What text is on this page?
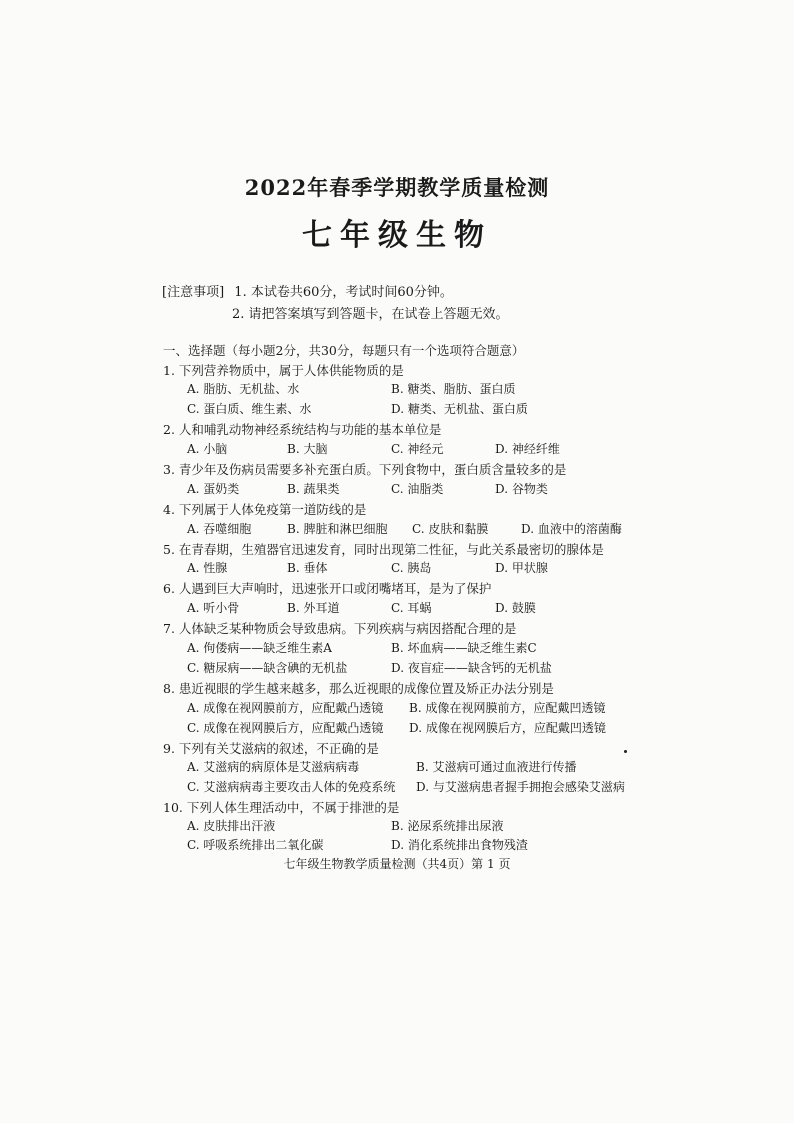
2022年春季学期教学质量检测
七年级生物
[注意事项] 1. 本试卷共60分，考试时间60分钟。
2. 请把答案填写到答题卡，在试卷上答题无效。
一、选择题（每小题2分，共30分，每题只有一个选项符合题意）
1. 下列营养物质中，属于人体供能物质的是
A. 脂肪、无机盐、水	B. 糖类、脂肪、蛋白质
C. 蛋白质、维生素、水	D. 糖类、无机盐、蛋白质
2. 人和哺乳动物神经系统结构与功能的基本单位是
A. 小脑	B. 大脑	C. 神经元	D. 神经纤维
3. 青少年及伤病员需要多补充蛋白质。下列食物中，蛋白质含量较多的是
A. 蛋奶类	B. 蔬果类	C. 油脂类	D. 谷物类
4. 下列属于人体免疫第一道防线的是
A. 吞噬细胞	B. 脾脏和淋巴细胞 C. 皮肤和黏膜	D. 血液中的溶菌酶
5. 在青春期，生殖器官迅速发育，同时出现第二性征，与此关系最密切的腺体是
A. 性腺	B. 垂体	C. 胰岛	D. 甲状腺
6. 人遇到巨大声响时，迅速张开口或闭嘴堵耳，是为了保护
A. 听小骨	B. 外耳道	C. 耳蜗	D. 鼓膜
7. 人体缺乏某种物质会导致患病。下列疾病与病因搭配合理的是
A. 佝偻病——缺乏维生素A	B. 坏血病——缺乏维生素C
C. 糖尿病——缺含碘的无机盐	D. 夜盲症——缺含钙的无机盐
8. 患近视眼的学生越来越多，那么近视眼的成像位置及矫正办法分别是
A. 成像在视网膜前方，应配戴凸透镜 B. 成像在视网膜前方，应配戴凹透镜
C. 成像在视网膜后方，应配戴凸透镜 D. 成像在视网膜后方，应配戴凹透镜
9. 下列有关艾滋病的叙述，不正确的是
A. 艾滋病的病原体是艾滋病病毒	B. 艾滋病可通过血液进行传播
C. 艾滋病病毒主要攻击人体的免疫系统 D. 与艾滋病患者握手拥抱会感染艾滋病
10. 下列人体生理活动中，不属于排泄的是
A. 皮肤排出汗液	B. 泌尿系统排出尿液
C. 呼吸系统排出二氧化碳	D. 消化系统排出食物残渣
七年级生物教学质量检测（共4页）第 1 页
